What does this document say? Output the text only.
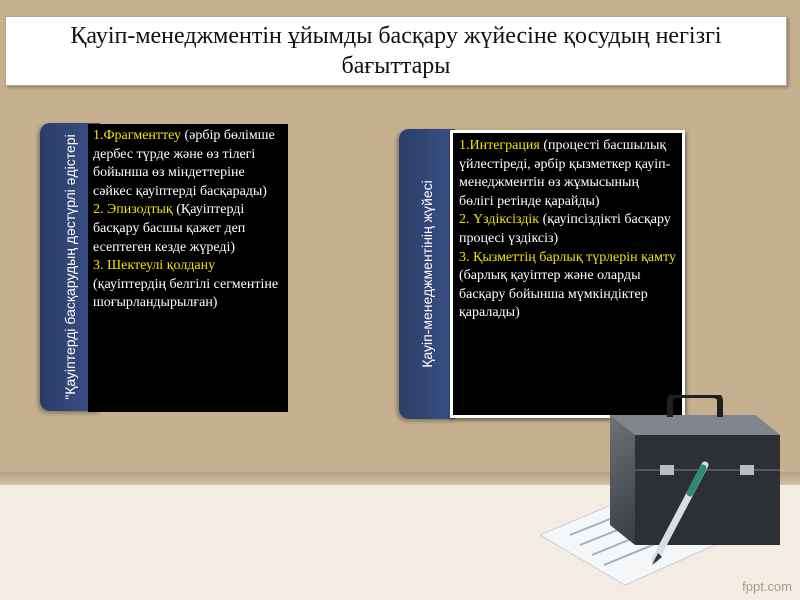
Қауіп-менеджментін ұйымды басқару жүйесіне қосудың негізгі бағыттары
"Қауіптерді басқарудың дәстүрлі әдістері 1.Фрагменттеу (әрбір бөлімше дербес түрде және өз тілегі бойынша өз міндеттеріне сәйкес қауіптерді басқарады)
2. Эпизодтық (Қауіптерді басқару басшы қажет деп есептеген кезде жүреді)
3. Шектеулі қолдану (қауіптердің белгілі сегментіне шоғырландырылған)	Қауіп-менеджментінің жүйесі
1.Интеграция (процесті басшылық үйлестіреді, әрбір қызметкер қауіп-менеджментін өз жұмысының бөлігі ретінде қарайды)
2. Үздіксіздік (қауіпсіздікті басқару процесі үздіксіз)
3. Қызметтің барлық түрлерін қамту (барлық қауіптер және оларды басқару бойынша мүмкіндіктер қаралады)
fppt.com
